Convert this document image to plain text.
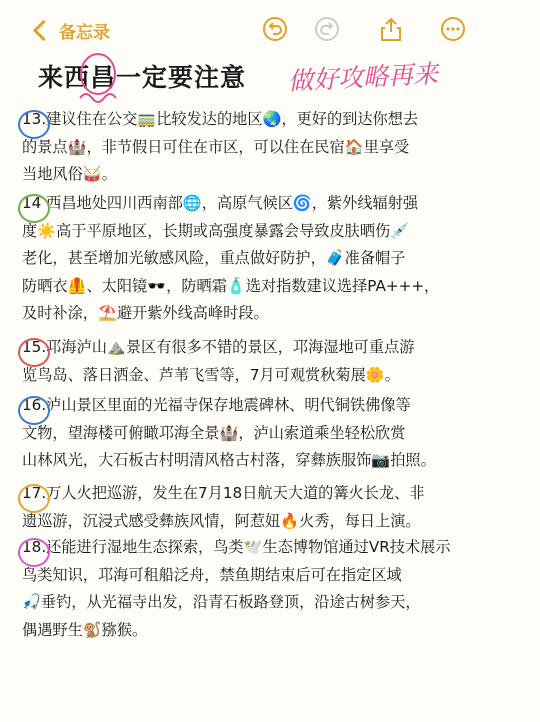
备忘录
来西昌一定要注意 做好攻略再来
13.建议住在公交🚃比较发达的地区🌏，更好的到达你想去
的景点🏰，非节假日可住在市区，可以住在民宿🏠里享受
当地风俗🥁。
14 西昌地处四川西南部🌐，高原气候区🌀，紫外线辐射强
度☀️高于平原地区，长期或高强度暴露会导致皮肤晒伤💉
老化，甚至增加光敏感风险，重点做好防护，🧳准备帽子
防晒衣🦺、太阳镜🕶️，防晒霜🧴选对指数建议选择PA+++，
及时补涂，⛱️避开紫外线高峰时段。
15.邛海泸山⛰️景区有很多不错的景区，邛海湿地可重点游
览鸟岛、落日洒金、芦苇飞雪等，7月可观赏秋菊展🌼。
16.泸山景区里面的光福寺保存地震碑林、明代铜铁佛像等
文物，望海楼可俯瞰邛海全景🏰，泸山索道乘坐轻松欣赏
山林风光，大石板古村明清风格古村落，穿彝族服饰📷拍照。
17.万人火把巡游，发生在7月18日航天大道的篝火长龙、非
遗巡游，沉浸式感受彝族风情，阿惹妞🔥火秀，每日上演。
18.还能进行湿地生态探索，鸟类🕊️生态博物馆通过VR技术展示
鸟类知识，邛海可租船泛舟，禁鱼期结束后可在指定区域
🎣垂钓，从光福寺出发，沿青石板路登顶，沿途古树参天，
偶遇野生🐒猕猴。
